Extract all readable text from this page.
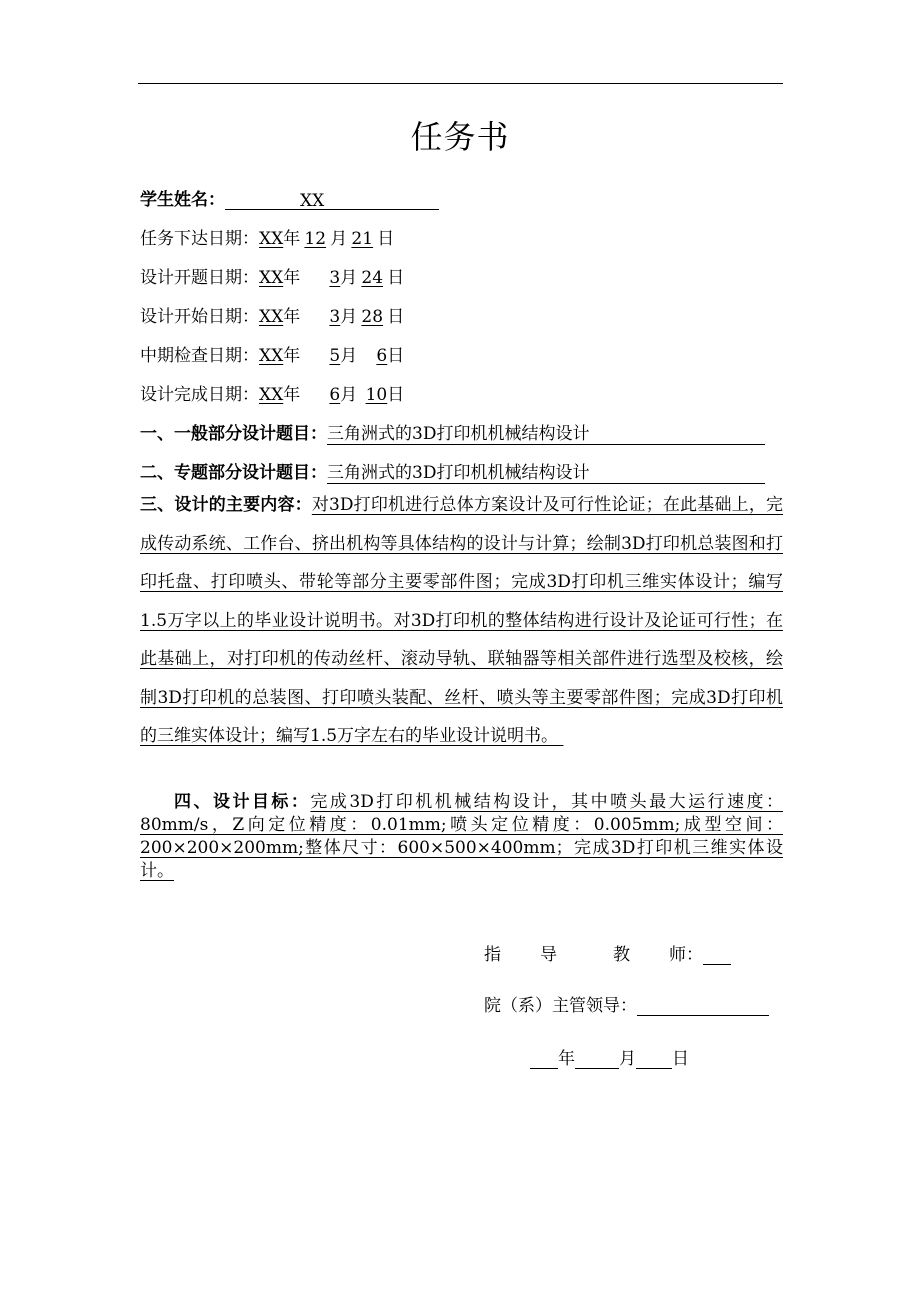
任务书
学生姓名：	XX
任务下达日期：XX年 12 月 21 日
设计开题日期：XX年 3月 24 日
设计开始日期：XX年 3月 28 日
中期检查日期：XX年 5月 6日
设计完成日期：XX年 6月 10日
一、一般部分设计题目：三角洲式的3D打印机机械结构设计
二、专题部分设计题目：三角洲式的3D打印机机械结构设计
三、设计的主要内容：对3D打印机进行总体方案设计及可行性论证；在此基础上，完成传动系统、工作台、挤出机构等具体结构的设计与计算；绘制3D打印机总装图和打印托盘、打印喷头、带轮等部分主要零部件图；完成3D打印机三维实体设计；编写1.5万字以上的毕业设计说明书。对3D打印机的整体结构进行设计及论证可行性；在此基础上，对打印机的传动丝杆、滚动导轨、联轴器等相关部件进行选型及校核，绘制3D打印机的总装图、打印喷头装配、丝杆、喷头等主要零部件图；完成3D打印机的三维实体设计；编写1.5万字左右的毕业设计说明书。
四、设计目标：完成3D打印机机械结构设计，其中喷头最大运行速度：80mm/s，Z向定位精度：0.01mm;喷头定位精度：0.005mm;成型空间：200×200×200mm;整体尺寸：600×500×400mm；完成3D打印机三维实体设计。
指 导	教 师：
院（系）主管领导：
年	月 日
